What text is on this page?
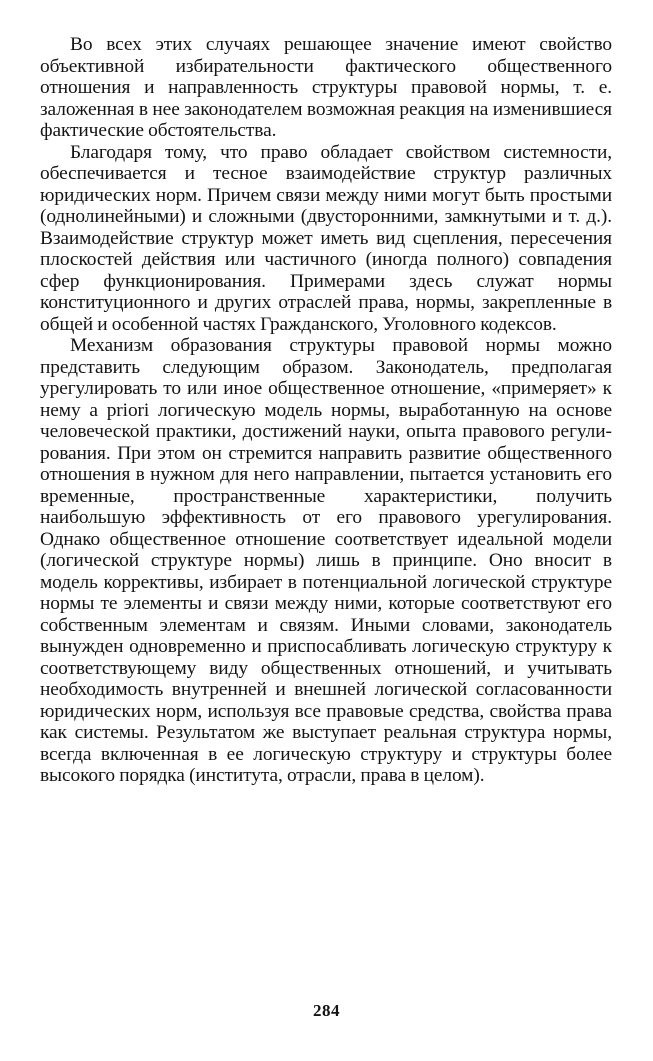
Во всех этих случаях решающее значение имеют свойство объективной избирательности фактического общественного отношения и направленность структуры правовой нормы, т. е. заложенная в нее законодателем возможная реакция на изменившиеся фактические обстоятельства.

Благодаря тому, что право обладает свойством системности, обеспечивается и тесное взаимодействие структур различных юридических норм. Причем связи между ними могут быть простыми (однолинейными) и сложными (двусторонними, замкнутыми и т. д.). Взаимодействие структур может иметь вид сцепления, пересечения плоскостей действия или частичного (иногда полного) совпадения сфер функционирования. Примерами здесь служат нормы конституционного и других отраслей права, нормы, закрепленные в общей и особенной частях Гражданского, Уголовного кодексов.

Механизм образования структуры правовой нормы можно представить следующим образом. Законодатель, предполагая урегулировать то или иное общественное отношение, «примеряет» к нему a priori логическую модель нормы, выработанную на основе человеческой практики, достижений науки, опыта правового регулирования. При этом он стремится направить развитие общественного отношения в нужном для него направлении, пытается установить его временные, пространственные характеристики, получить наибольшую эффективность от его правового урегулирования. Однако общественное отношение соответствует идеальной модели (логической структуре нормы) лишь в принципе. Оно вносит в модель коррективы, избирает в потенциальной логической структуре нормы те элементы и связи между ними, которые соответствуют его собственным элементам и связям. Иными словами, законодатель вынужден одновременно и приспосабливать логическую структуру к соответствующему виду общественных отношений, и учитывать необходимость внутренней и внешней логической согласованности юридических норм, используя все правовые средства, свойства права как системы. Результатом же выступает реальная структура нормы, всегда включенная в ее логическую структуру и структуры более высокого порядка (института, отрасли, права в целом).

284
